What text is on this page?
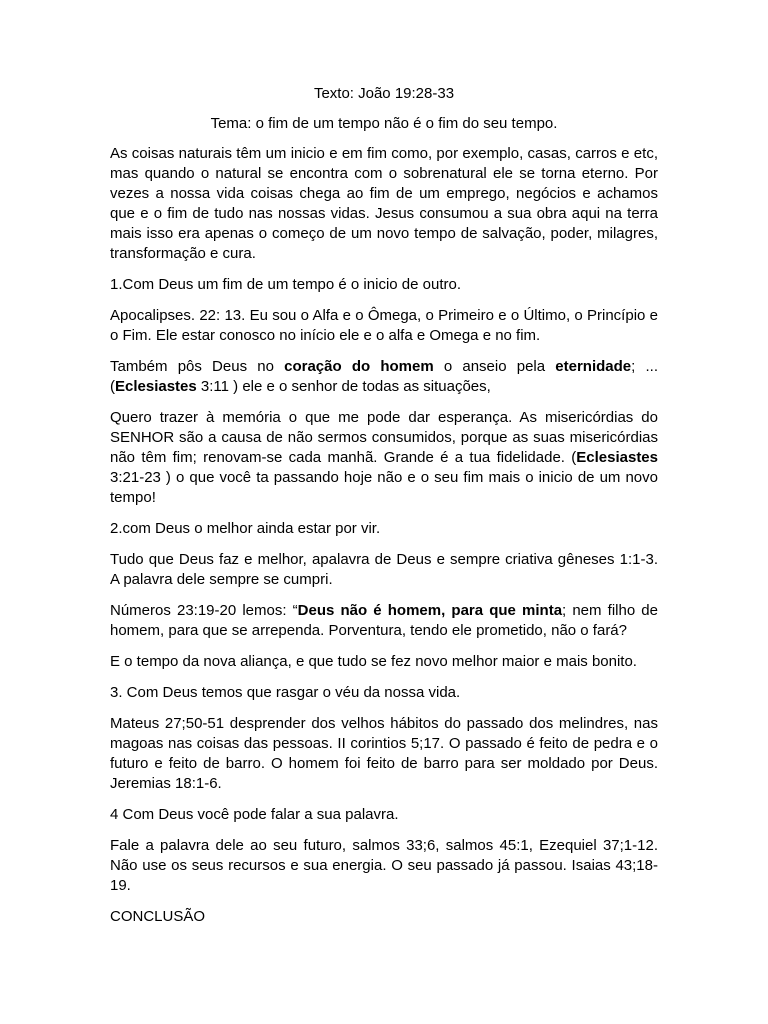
Texto: João 19:28-33
Tema: o fim de um tempo não é o fim do seu tempo.

As coisas naturais têm um inicio e em fim como, por exemplo, casas, carros e etc, mas quando o natural se encontra com o sobrenatural ele se torna eterno. Por vezes a nossa vida coisas chega ao fim de um emprego, negócios e achamos que e o fim de tudo nas nossas vidas. Jesus consumou a sua obra aqui na terra mais isso era apenas o começo de um novo tempo de salvação, poder, milagres, transformação e cura.

1.Com Deus um fim de um tempo é o inicio de outro.

Apocalipses. 22: 13. Eu sou o Alfa e o Ômega, o Primeiro e o Último, o Princípio e o Fim. Ele estar conosco no início ele e o alfa e Omega e no fim.

Também pôs Deus no coração do homem o anseio pela eternidade; ... (Eclesiastes 3:11 ) ele e o senhor de todas as situações,

Quero trazer à memória o que me pode dar esperança. As misericórdias do SENHOR são a causa de não sermos consumidos, porque as suas misericórdias não têm fim; renovam-se cada manhã. Grande é a tua fidelidade. (Eclesiastes 3:21-23 ) o que você ta passando hoje não e o seu fim mais o inicio de um novo tempo!

2.com Deus o melhor ainda estar por vir.

Tudo que Deus faz e melhor, apalavra de Deus e sempre criativa gêneses 1:1-3. A palavra dele sempre se cumpri.

Números 23:19-20 lemos: “Deus não é homem, para que minta; nem filho de homem, para que se arrependa. Porventura, tendo ele prometido, não o fará?

E o tempo da nova aliança, e que tudo se fez novo melhor maior e mais bonito.

3. Com Deus temos que rasgar o véu da nossa vida.

Mateus 27;50-51 desprender dos velhos hábitos do passado dos melindres, nas magoas nas coisas das pessoas. II corintios 5;17. O passado é feito de pedra e o futuro e feito de barro. O homem foi feito de barro para ser moldado por Deus. Jeremias 18:1-6.

4 Com Deus você pode falar a sua palavra.

Fale a palavra dele ao seu futuro, salmos 33;6, salmos 45:1, Ezequiel 37;1-12. Não use os seus recursos e sua energia. O seu passado já passou. Isaias 43;18-19.

CONCLUSÃO
